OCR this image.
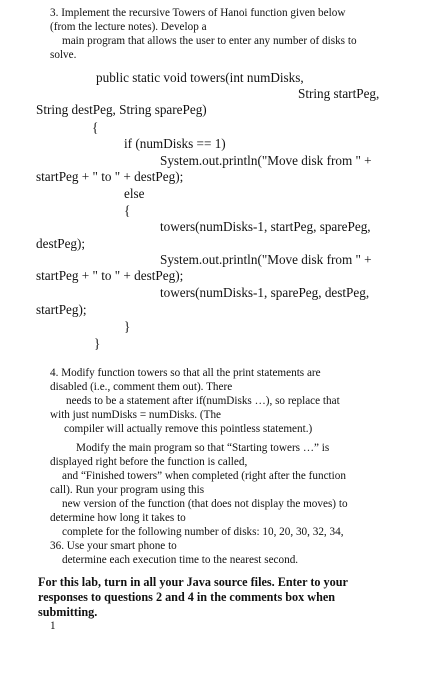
3. Implement the recursive Towers of Hanoi function given below
(from the lecture notes). Develop a
main program that allows the user to enter any number of disks to
solve.
public static void towers(int numDisks,
String startPeg,
String destPeg, String sparePeg)
{
if (numDisks == 1)
System.out.println("Move disk from " +
startPeg + " to " + destPeg);
else
{
towers(numDisks-1, startPeg, sparePeg,
destPeg);
System.out.println("Move disk from " +
startPeg + " to " + destPeg);
towers(numDisks-1, sparePeg, destPeg,
startPeg);
}
}
4. Modify function towers so that all the print statements are
disabled (i.e., comment them out). There
needs to be a statement after if(numDisks …), so replace that
with just numDisks = numDisks. (The
compiler will actually remove this pointless statement.)
Modify the main program so that “Starting towers …” is
displayed right before the function is called,
and “Finished towers” when completed (right after the function
call). Run your program using this
new version of the function (that does not display the moves) to
determine how long it takes to
complete for the following number of disks: 10, 20, 30, 32, 34,
36. Use your smart phone to
determine each execution time to the nearest second.
For this lab, turn in all your Java source files. Enter to your
responses to questions 2 and 4 in the comments box when
submitting.
1
